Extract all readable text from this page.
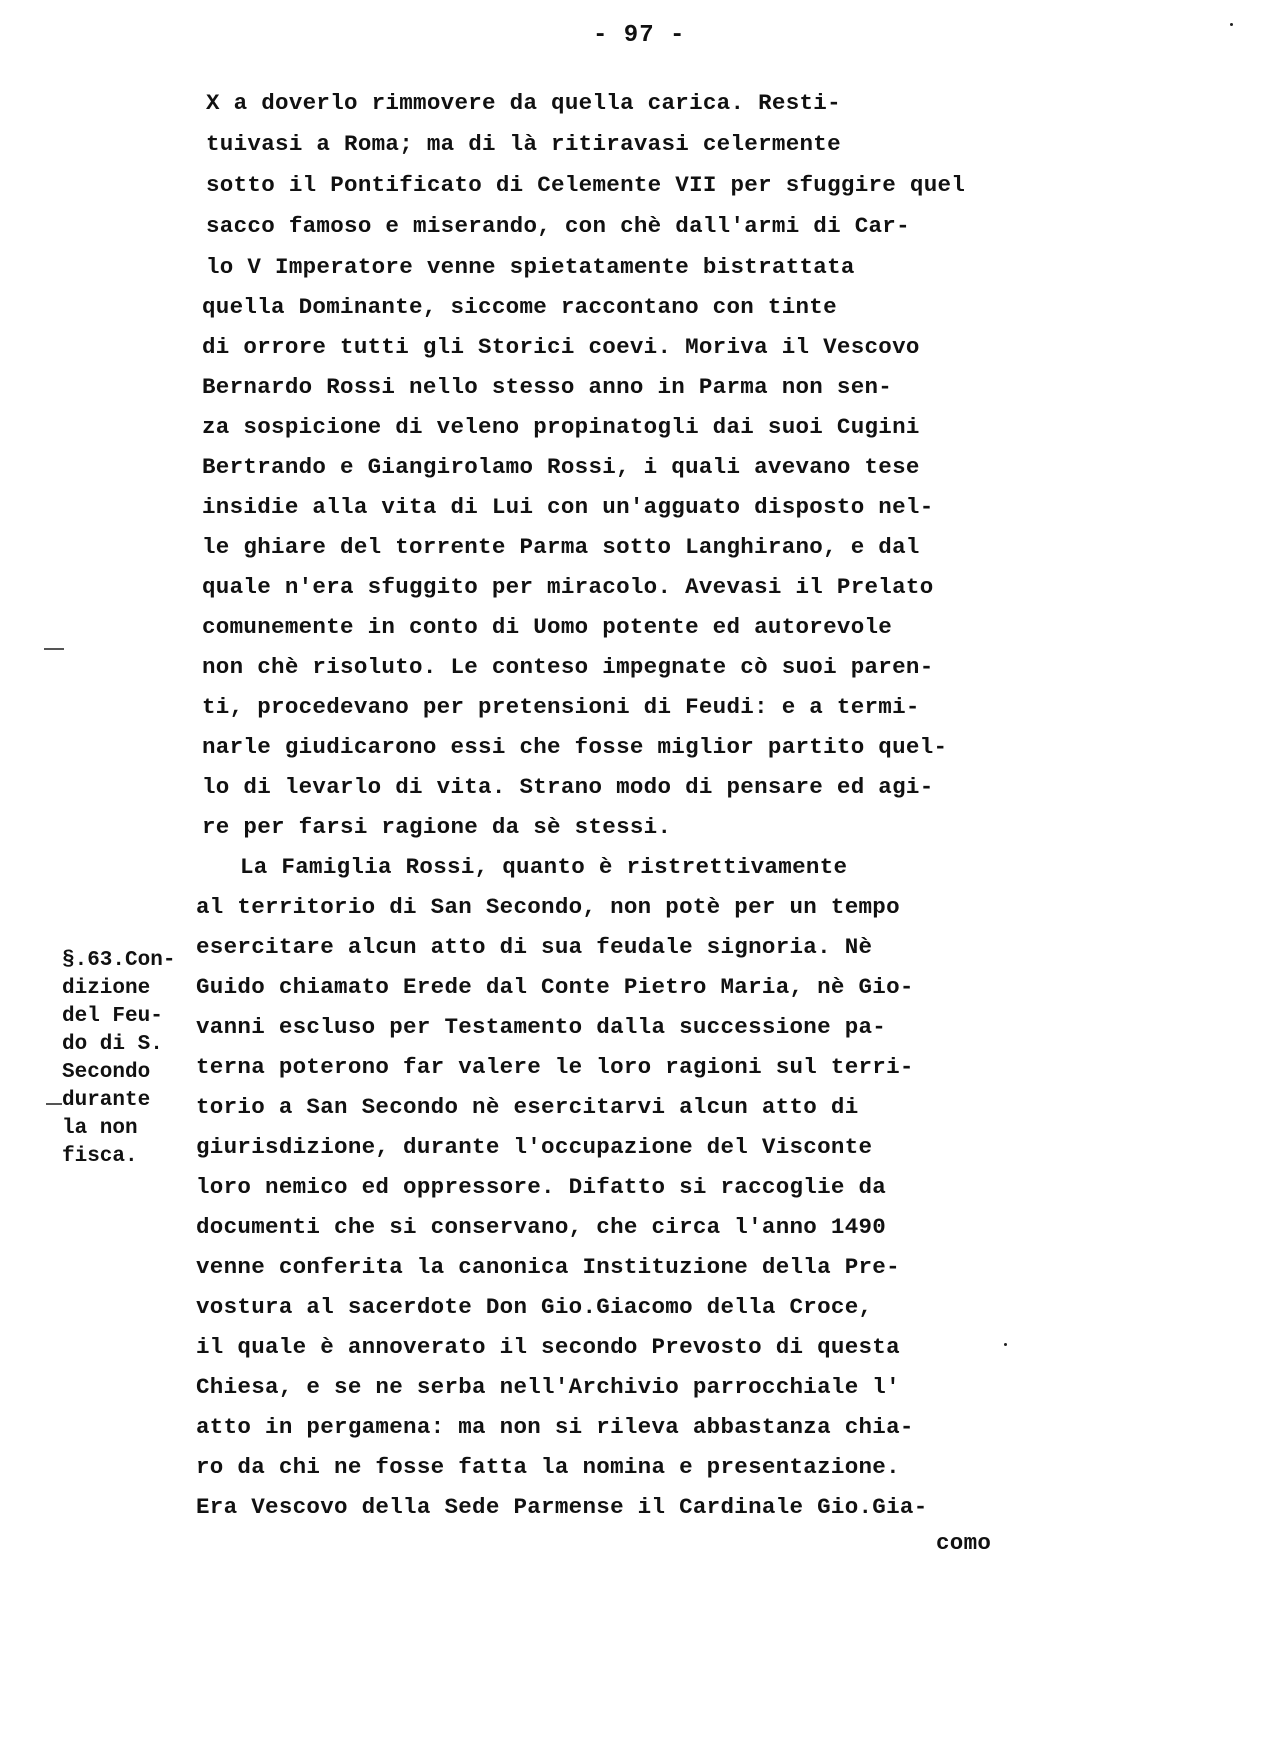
- 97 -
X a doverlo rimmovere da quella carica. Resti-
tuivasi a Roma; ma di là ritiravasi celermente
sotto il Pontificato di Celemente VII per sfuggire quel
sacco famoso e miserando, con chè dall'armi di Car-
lo V Imperatore venne spietatamente bistrattata
quella Dominante, siccome raccontano con tinte
di orrore tutti gli Storici coevi. Moriva il Vescovo
Bernardo Rossi nello stesso anno in Parma non sen-
za sospicione di veleno propinatogli dai suoi Cugini
Bertrando e Giangirolamo Rossi, i quali avevano tese
insidie alla vita di Lui con un'agguato disposto nel-
le ghiare del torrente Parma sotto Langhirano, e dal
quale n'era sfuggito per miracolo. Avevasi il Prelato
comunemente in conto di Uomo potente ed autorevole
non chè risoluto. Le conteso impegnate cò suoi paren-
ti, procedevano per pretensioni di Feudi: e a termi-
narle giudicarono essi che fosse miglior partito quel-
lo di levarlo di vita. Strano modo di pensare ed agi-
re per farsi ragione da sè stessi.
La Famiglia Rossi, quanto è ristrettivamente
al territorio di San Secondo, non potè per un tempo
esercitare alcun atto di sua feudale signoria. Nè
Guido chiamato Erede dal Conte Pietro Maria, nè Gio-
vanni escluso per Testamento dalla successione pa-
terna poterono far valere le loro ragioni sul terri-
torio a San Secondo nè esercitarvi alcun atto di
giurisdizione, durante l'occupazione del Visconte
loro nemico ed oppressore. Difatto si raccoglie da
documenti che si conservano, che circa l'anno 1490
venne conferita la canonica Instituzione della Pre-
vostura al sacerdote Don Gio.Giacomo della Croce,
il quale è annoverato il secondo Prevosto di questa
Chiesa, e se ne serba nell'Archivio parrocchiale l'
atto in pergamena: ma non si rileva abbastanza chia-
ro da chi ne fosse fatta la nomina e presentazione.
Era Vescovo della Sede Parmense il Cardinale Gio.Gia-
como
§.63.Con-
dizione
del Feu-
do di S.
Secondo
durante
la non
fisca.
